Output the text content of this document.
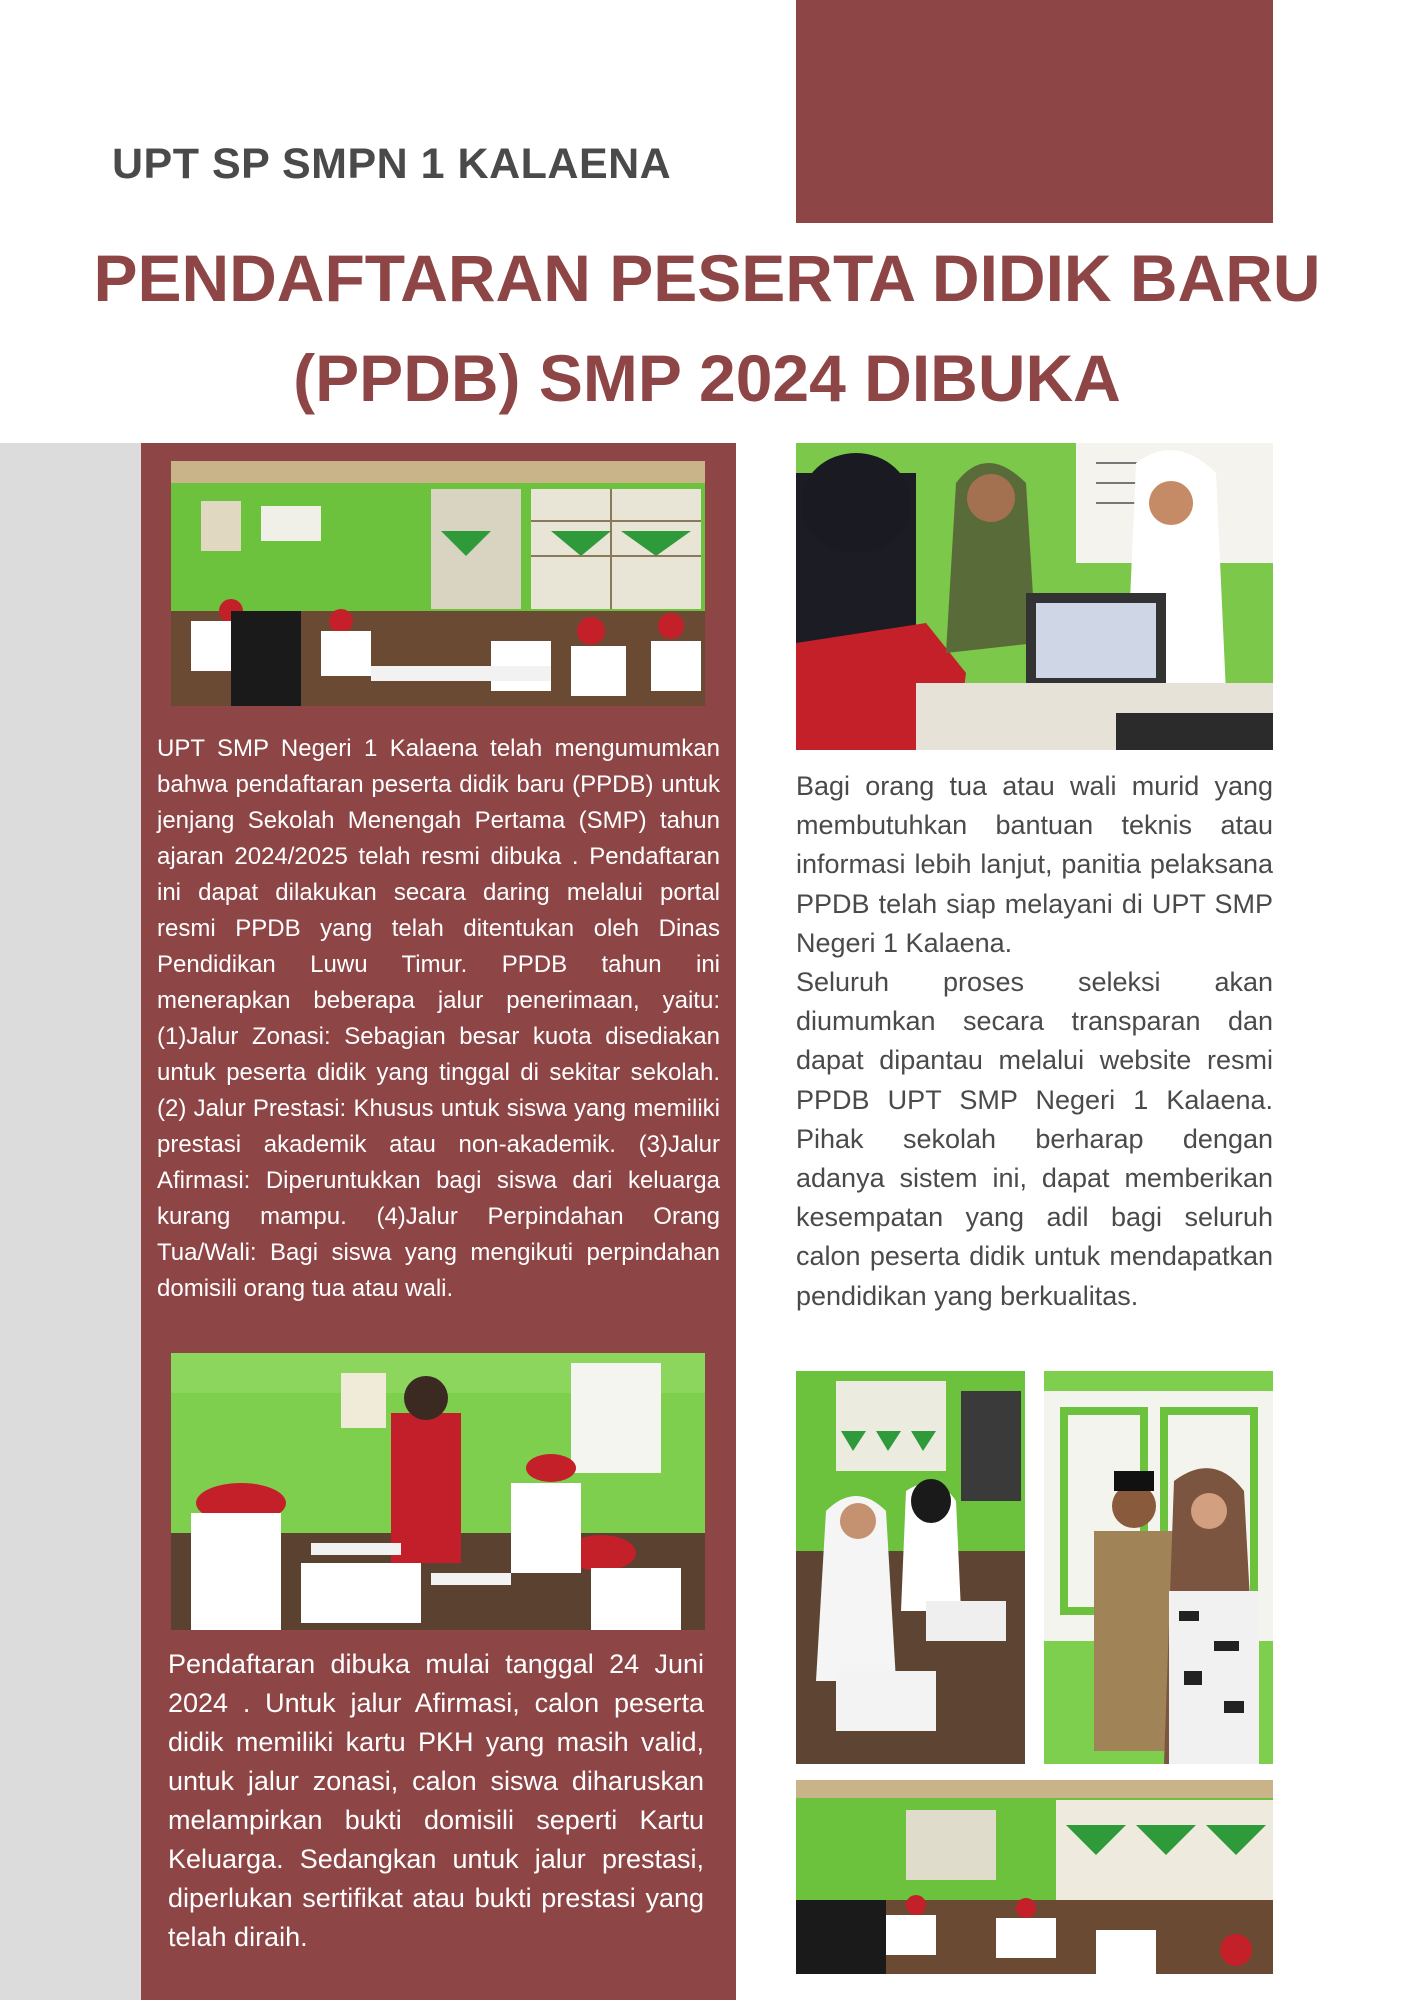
UPT SP SMPN 1 KALAENA
PENDAFTARAN PESERTA DIDIK BARU
(PPDB) SMP 2024 DIBUKA

UPT SMP Negeri 1 Kalaena telah mengumumkan bahwa pendaftaran peserta didik baru (PPDB) untuk jenjang Sekolah Menengah Pertama (SMP) tahun ajaran 2024/2025 telah resmi dibuka . Pendaftaran ini dapat dilakukan secara daring melalui portal resmi PPDB yang telah ditentukan oleh Dinas Pendidikan Luwu Timur. PPDB tahun ini menerapkan beberapa jalur penerimaan, yaitu: (1)Jalur Zonasi: Sebagian besar kuota disediakan untuk peserta didik yang tinggal di sekitar sekolah.(2) Jalur Prestasi: Khusus untuk siswa yang memiliki prestasi akademik atau non-akademik. (3)Jalur Afirmasi: Diperuntukkan bagi siswa dari keluarga kurang mampu. (4)Jalur Perpindahan Orang Tua/Wali: Bagi siswa yang mengikuti perpindahan domisili orang tua atau wali.

Pendaftaran dibuka mulai tanggal 24 Juni 2024 . Untuk jalur Afirmasi, calon peserta didik memiliki kartu PKH yang masih valid, untuk jalur zonasi, calon siswa diharuskan melampirkan bukti domisili seperti Kartu Keluarga. Sedangkan untuk jalur prestasi, diperlukan sertifikat atau bukti prestasi yang telah diraih.

Bagi orang tua atau wali murid yang membutuhkan bantuan teknis atau informasi lebih lanjut, panitia pelaksana PPDB telah siap melayani di UPT SMP Negeri 1 Kalaena.

Seluruh proses seleksi akan diumumkan secara transparan dan dapat dipantau melalui website resmi PPDB UPT SMP Negeri 1 Kalaena. Pihak sekolah berharap dengan adanya sistem ini, dapat memberikan kesempatan yang adil bagi seluruh calon peserta didik untuk mendapatkan pendidikan yang berkualitas.
